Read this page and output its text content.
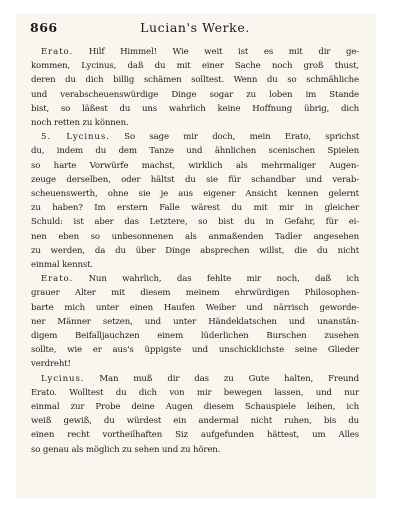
866	Lucian's Werke.

Erato. Hilf Himmel! Wie weit ist es mit dir ge-
kommen, Lycinus, daß du mit einer Sache noch groß thust,
deren du dich billig schämen solltest. Wenn du so schmähliche
und verabscheuenswürdige Dinge sogar zu loben im Stande
bist, so läßest du uns wahrlich keine Hoffnung übrig, dich
noch retten zu können.

5. Lycinus. So sage mir doch, mein Erato, sprichst
du, indem du dem Tanze und ähnlichen scenischen Spielen
so harte Vorwürfe machst, wirklich als mehrmaliger Augen-
zeuge derselben, oder hältst du sie für schandbar und verab-
scheuenswerth, ohne sie je aus eigener Ansicht kennen gelernt
zu haben? Im erstern Falle wärest du mit mir in gleicher
Schuld: ist aber das Letztere, so bist du in Gefahr, für ei-
nen eben so unbesonnenen als anmaßenden Tadler angesehen
zu werden, da du über Dinge absprechen willst, die du nicht
einmal kennst.

Erato. Nun wahrlich, das fehlte mir noch, daß ich
grauer Alter mit diesem meinem ehrwürdigen Philosophen-
barte mich unter einen Haufen Weiber und närrisch geworde-
ner Männer setzen, und unter Händeklatschen und unanstän-
digem Beifalljauchzen einem lüderlichen Burschen zusehen
sollte, wie er aus's üppigste und unschicklichste seine Glieder
verdreht!

Lycinus. Man muß dir das zu Gute halten, Freund
Erato. Wolltest du dich von mir bewegen lassen, und nur
einmal zur Probe deine Augen diesem Schauspiele leihen, ich
weiß gewiß, du würdest ein andermal nicht ruhen, bis du
einen recht vortheilhaften Siz aufgefunden hättest, um Alles
so genau als möglich zu sehen und zu hören.
